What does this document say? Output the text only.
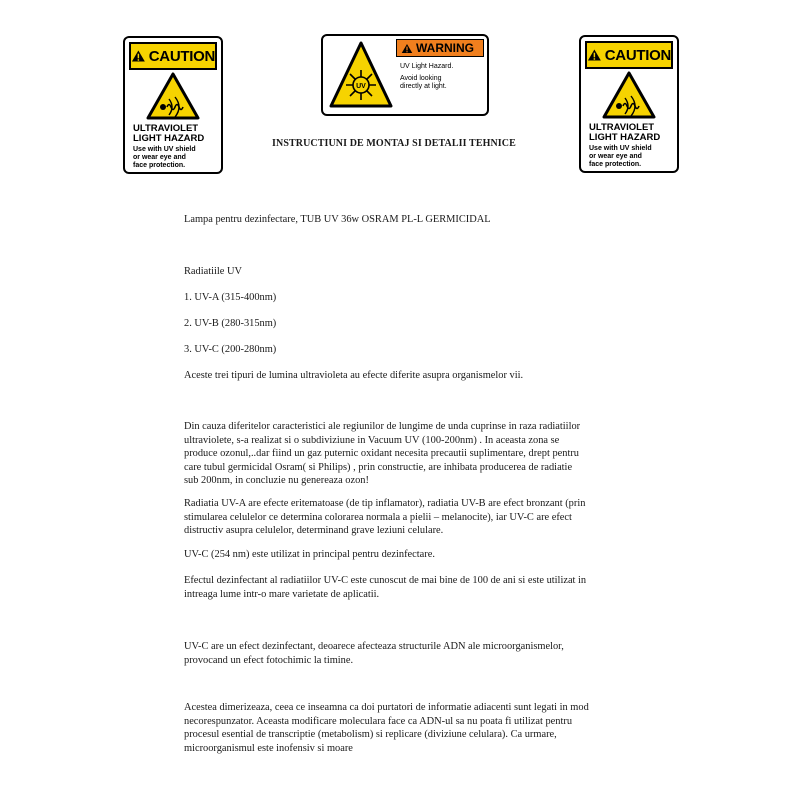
CAUTION
ULTRAVIOLET
LIGHT HAZARD
Use with UV shield
or wear eye and
face protection.
UV
WARNING
UV Light Hazard.
Avoid looking
directly at light.
CAUTION
ULTRAVIOLET
LIGHT HAZARD
Use with UV shield
or wear eye and
face protection.
INSTRUCTIUNI DE MONTAJ SI DETALII TEHNICE

Lampa pentru dezinfectare, TUB UV 36w OSRAM PL-L GERMICIDAL

Radiatiile UV

1. UV-A (315-400nm)

2. UV-B (280-315nm)

3. UV-C (200-280nm)

Aceste trei tipuri de lumina ultravioleta au efecte diferite asupra organismelor vii.

Din cauza diferitelor caracteristici ale regiunilor de lungime de unda cuprinse in raza radiatiilor
ultraviolete, s-a realizat si o subdiviziune in Vacuum UV (100-200nm) . In aceasta zona se
produce ozonul,..dar fiind un gaz puternic oxidant necesita precautii suplimentare, drept pentru
care tubul germicidal Osram( si Philips) , prin constructie, are inhibata producerea de radiatie
sub 200nm, in concluzie nu genereaza ozon!
Radiatia UV-A are efecte eritematoase (de tip inflamator), radiatia UV-B are efect bronzant (prin
stimularea celulelor ce determina colorarea normala a pielii – melanocite), iar UV-C are efect
distructiv asupra celulelor, determinand grave leziuni celulare.

UV-C (254 nm) este utilizat in principal pentru dezinfectare.

Efectul dezinfectant al radiatiilor UV-C este cunoscut de mai bine de 100 de ani si este utilizat in
intreaga lume intr-o mare varietate de aplicatii.
UV-C are un efect dezinfectant, deoarece afecteaza structurile ADN ale microorganismelor,
provocand un efect fotochimic la timine.
Acestea dimerizeaza, ceea ce inseamna ca doi purtatori de informatie adiacenti sunt legati in mod
necorespunzator. Aceasta modificare moleculara face ca ADN-ul sa nu poata fi utilizat pentru
procesul esential de transcriptie (metabolism) si replicare (diviziune celulara). Ca urmare,
microorganismul este inofensiv si moare
